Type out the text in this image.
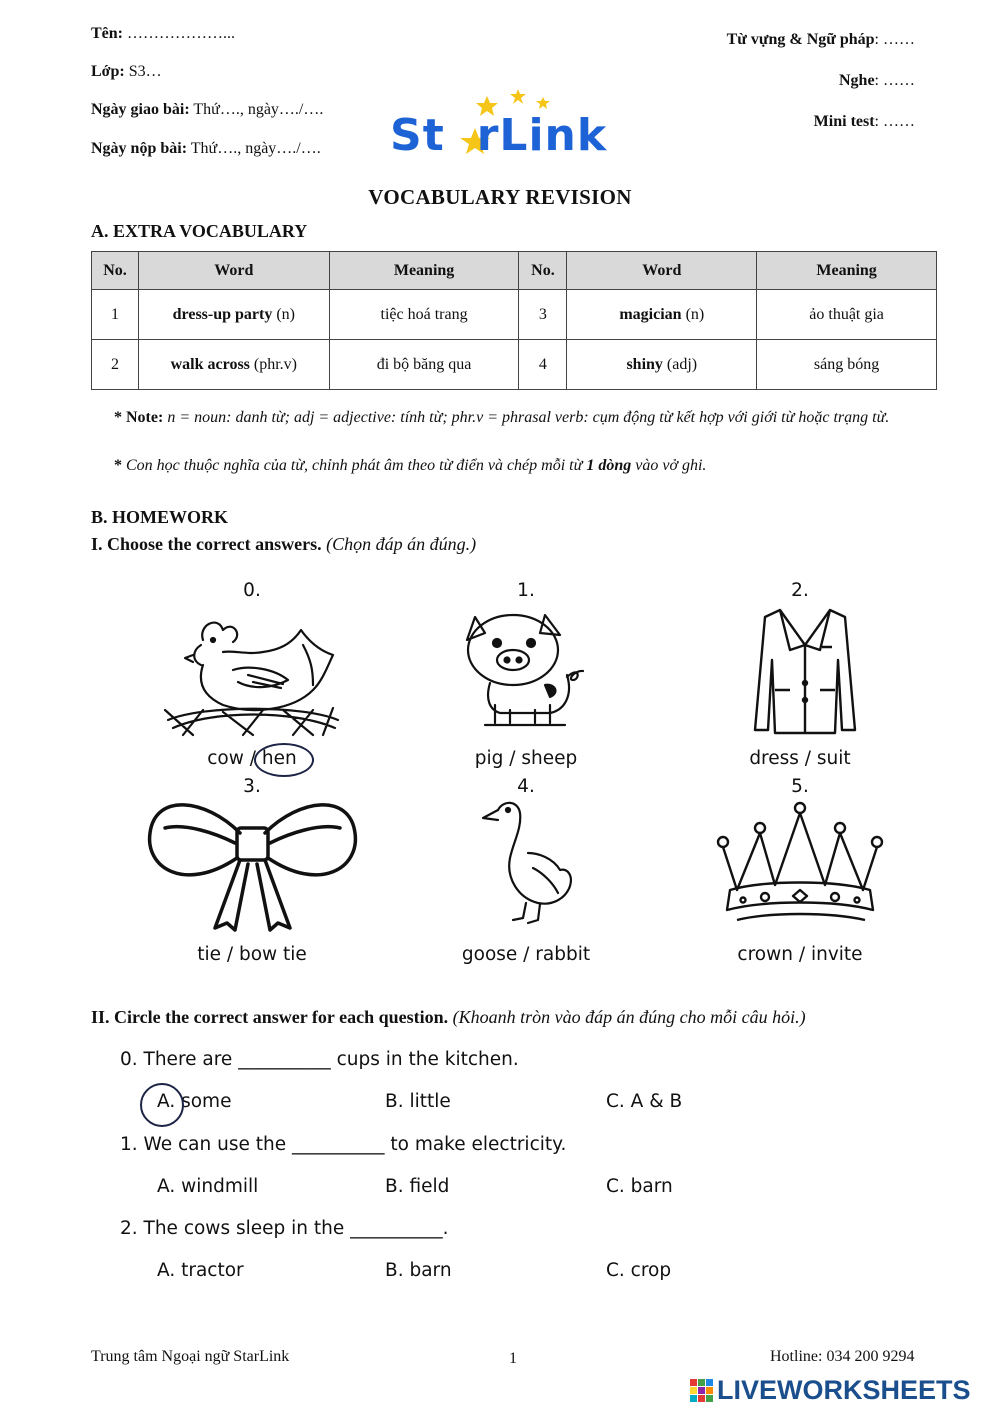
Tên: ………………...
Lớp: S3…
Ngày giao bài: Thứ…., ngày…./….
Ngày nộp bài: Thứ…., ngày…./….
Từ vựng & Ngữ pháp: ……
Nghe: ……
Mini test: ……
St rLink
VOCABULARY REVISION
A. EXTRA VOCABULARY
No.	Word	Meaning	No.	Word	Meaning
1	dress-up party (n)	tiệc hoá trang	3	magician (n)	ảo thuật gia
2	walk across (phr.v)	đi bộ băng qua	4	shiny (adj)	sáng bóng
* Note: n = noun: danh từ; adj = adjective: tính từ; phr.v = phrasal verb: cụm động từ kết hợp với giới từ hoặc trạng từ.
* Con học thuộc nghĩa của từ, chỉnh phát âm theo từ điển và chép mỗi từ 1 dòng vào vở ghi.
B. HOMEWORK
I. Choose the correct answers. (Chọn đáp án đúng.)
0.	1.	2.
cow / hen	pig / sheep	dress / suit
3.	4.	5.
tie / bow tie	goose / rabbit	crown / invite
II. Circle the correct answer for each question. (Khoanh tròn vào đáp án đúng cho mỗi câu hỏi.)
0. There are __________ cups in the kitchen.
A. some	B. little	C. A & B
1. We can use the __________ to make electricity.
A. windmill	B. field	C. barn
2. The cows sleep in the __________.
A. tractor	B. barn	C. crop
Trung tâm Ngoại ngữ StarLink	1	Hotline: 034 200 9294
LIVEWORKSHEETS
